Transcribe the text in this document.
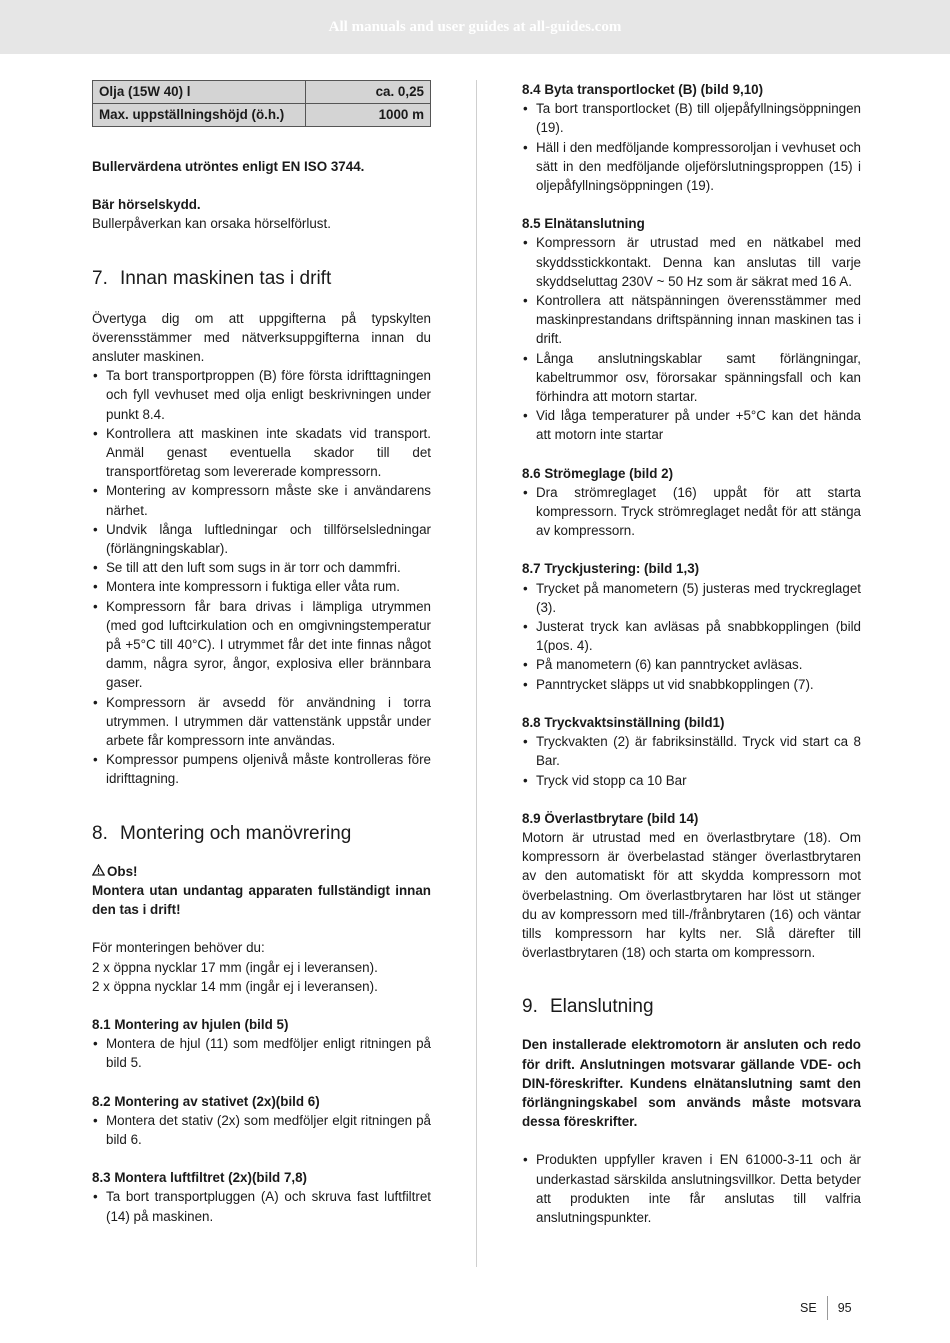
All manuals and user guides at all-guides.com
Olja (15W 40) l	ca. 0,25
Max. uppställningshöjd (ö.h.)	1000 m

Bullervärdena utröntes enligt EN ISO 3744.

Bär hörselskydd.

Bullerpåverkan kan orsaka hörselförlust.

7. Innan maskinen tas i drift

Övertyga dig om att uppgifterna på typskylten överensstämmer med nätverksuppgifterna innan du ansluter maskinen.

• Ta bort transportproppen (B) före första idrifttagningen och fyll vevhuset med olja enligt beskrivningen under punkt 8.4.
• Kontrollera att maskinen inte skadats vid transport. Anmäl genast eventuella skador till det transportföretag som levererade kompressorn.
• Montering av kompressorn måste ske i användarens närhet.
• Undvik långa luftledningar och tillförselsledningar (förlängningskablar).
• Se till att den luft som sugs in är torr och dammfri.
• Montera inte kompressorn i fuktiga eller våta rum.
• Kompressorn får bara drivas i lämpliga utrymmen (med god luftcirkulation och en omgivningstemperatur på +5°C till 40°C). I utrymmet får det inte finnas något damm, några syror, ångor, explosiva eller brännbara gaser.
• Kompressorn är avsedd för användning i torra utrymmen. I utrymmen där vattenstänk uppstår under arbete får kompressorn inte användas.
• Kompressor pumpens oljenivå måste kontrolleras före idrifttagning.
8. Montering och manövrering

Obs!

Montera utan undantag apparaten fullständigt innan den tas i drift!

För monteringen behöver du:

2 x öppna nycklar 17 mm (ingår ej i leveransen).

2 x öppna nycklar 14 mm (ingår ej i leveransen).

8.1 Montering av hjulen (bild 5)
• Montera de hjul (11) som medföljer enligt ritningen på bild 5.
8.2 Montering av stativet (2x)(bild 6)
• Montera det stativ (2x) som medföljer elgit ritningen på bild 6.
8.3 Montera luftfiltret (2x)(bild 7,8)
• Ta bort transportpluggen (A) och skruva fast luftfiltret (14) på maskinen.
8.4 Byta transportlocket (B) (bild 9,10)
• Ta bort transportlocket (B) till oljepåfyllningsöppningen (19).
• Häll i den medföljande kompressoroljan i vevhuset och sätt in den medföljande oljeförslutningsproppen (15) i oljepåfyllningsöppningen (19).
8.5 Elnätanslutning
• Kompressorn är utrustad med en nätkabel med skyddsstickkontakt. Denna kan anslutas till varje skyddseluttag 230V ~ 50 Hz som är säkrat med 16 A.
• Kontrollera att nätspänningen överensstämmer med maskinprestandans driftspänning innan maskinen tas i drift.
• Långa anslutningskablar samt förlängningar, kabeltrummor osv, förorsakar spänningsfall och kan förhindra att motorn startar.
• Vid låga temperaturer på under +5°C kan det hända att motorn inte startar
8.6 Strömeglage (bild 2)
• Dra strömreglaget (16) uppåt för att starta kompressorn. Tryck strömreglaget nedåt för att stänga av kompressorn.
8.7 Tryckjustering: (bild 1,3)
• Trycket på manometern (5) justeras med tryckreglaget (3).
• Justerat tryck kan avläsas på snabbkopplingen (bild 1(pos. 4).
• På manometern (6) kan panntrycket avläsas.
• Panntrycket släpps ut vid snabbkopplingen (7).
8.8 Tryckvaktsinställning (bild1)
• Tryckvakten (2) är fabriksinställd. Tryck vid start ca 8 Bar.
• Tryck vid stopp ca 10 Bar
8.9 Överlastbrytare (bild 14)

Motorn är utrustad med en överlastbrytare (18). Om kompressorn är överbelastad stänger överlastbrytaren av den automatiskt för att skydda kompressorn mot överbelastning. Om överlastbrytaren har löst ut stänger du av kompressorn med till-/frånbrytaren (16) och väntar tills kompressorn har kylts ner. Slå därefter till överlastbrytaren (18) och starta om kompressorn.

9. Elanslutning

Den installerade elektromotorn är ansluten och redo för drift. Anslutningen motsvarar gällande VDE- och DIN-föreskrifter. Kundens elnätanslutning samt den förlängningskabel som används måste motsvara dessa föreskrifter.

• Produkten uppfyller kraven i EN 61000-3-11 och är underkastad särskilda anslutningsvillkor. Detta betyder att produkten inte får anslutas till valfria anslutningspunkter.
SE 95
